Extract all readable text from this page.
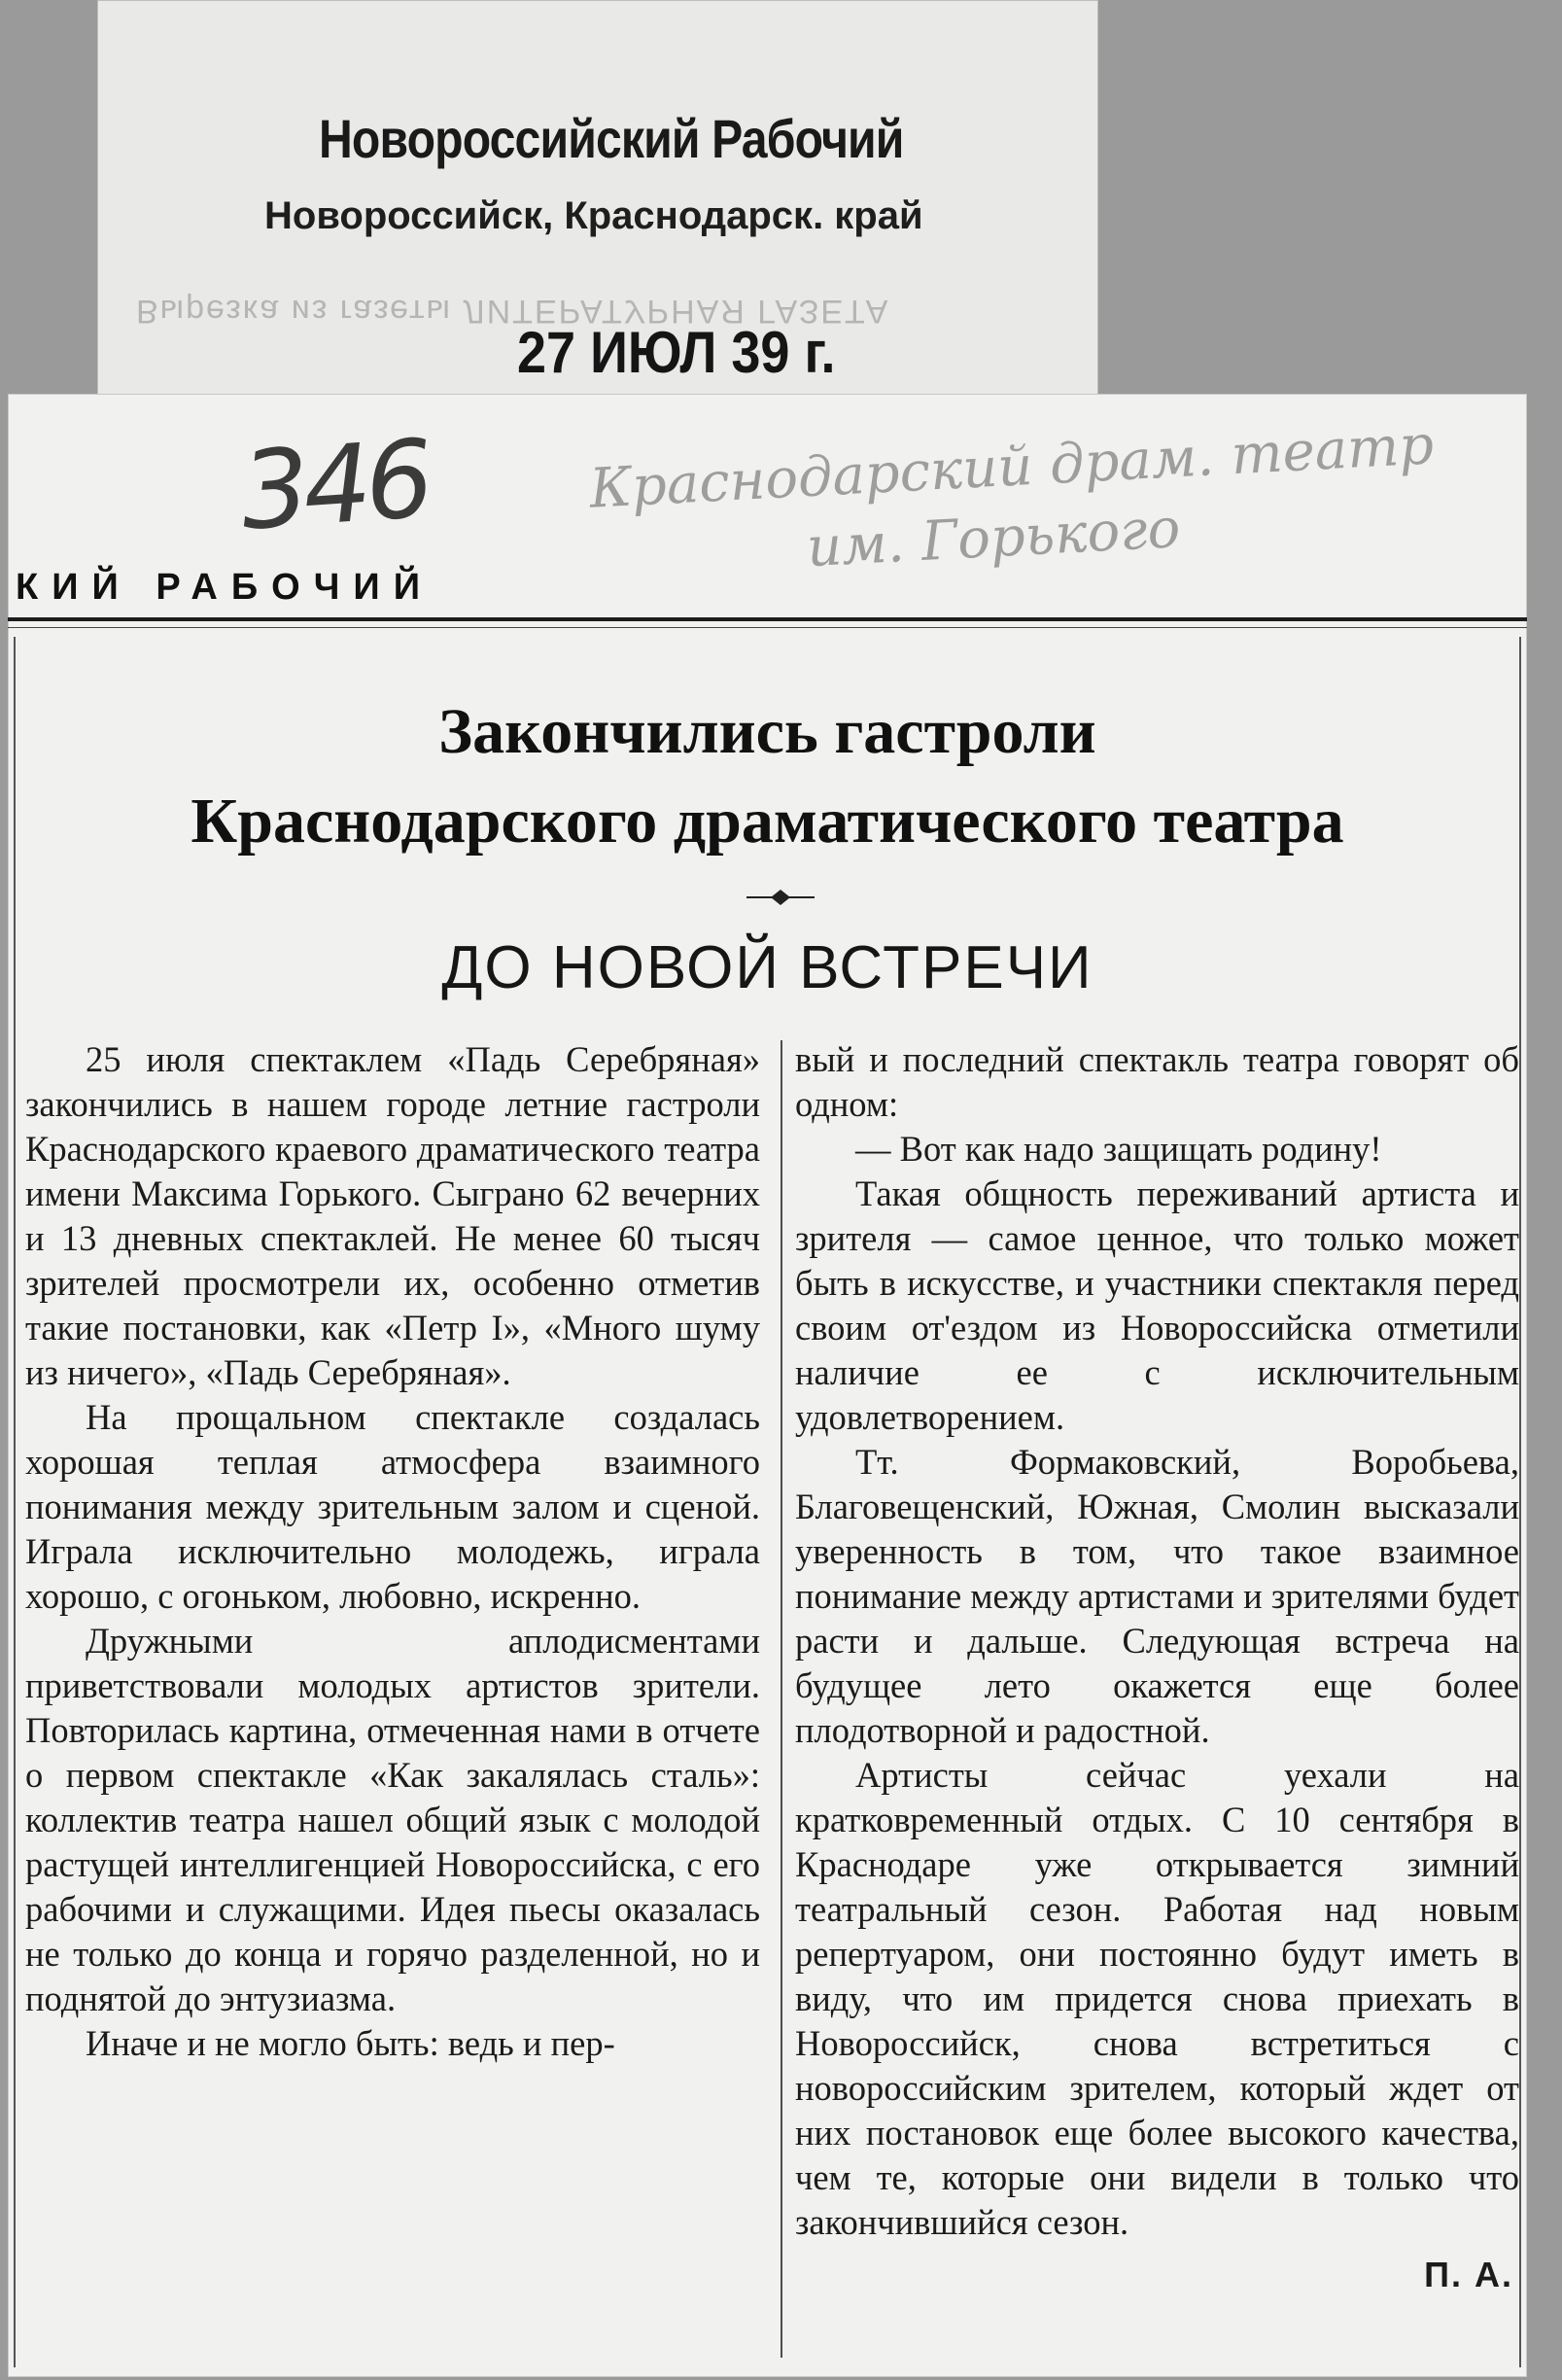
Новороссийский Рабочий
Новороссийск, Краснодарск. край
Вырезка из газеты ЛИТЕРАТУРНАЯ ГАЗЕТА
27 ИЮЛ 39 г.
346	Краснодарский драм. театр
им. Горького
КИЙ РАБОЧИЙ
Закончились гастроли
Краснодарского драматического театра
ДО НОВОЙ ВСТРЕЧИ

25 июля спектаклем «Падь Серебряная» закончились в нашем городе летние гастроли Краснодарского краевого драматического театра имени Максима Горького. Сыграно 62 вечерних и 13 дневных спектаклей. Не менее 60 тысяч зрителей просмотрели их, особенно отметив такие постановки, как «Петр I», «Много шуму из ничего», «Падь Серебряная».

На прощальном спектакле создалась хорошая теплая атмосфера взаимного понимания между зрительным залом и сценой. Играла исключительно молодежь, играла хорошо, с огоньком, любовно, искренно.

Дружными аплодисментами приветствовали молодых артистов зрители. Повторилась картина, отмеченная нами в отчете о первом спектакле «Как закалялась сталь»: коллектив театра нашел общий язык с молодой растущей интеллигенцией Новороссийска, с его рабочими и служащими. Идея пьесы оказалась не только до конца и горячо разделенной, но и поднятой до энтузиазма.

Иначе и не могло быть: ведь и пер-

вый и последний спектакль театра говорят об одном:

— Вот как надо защищать родину!

Такая общность переживаний артиста и зрителя — самое ценное, что только может быть в искусстве, и участники спектакля перед своим от'ездом из Новороссийска отметили наличие ее с исключительным удовлетворением.

Тт. Формаковский, Воробьева, Благовещенский, Южная, Смолин высказали уверенность в том, что такое взаимное понимание между артистами и зрителями будет расти и дальше. Следующая встреча на будущее лето окажется еще более плодотворной и радостной.

Артисты сейчас уехали на кратковременный отдых. С 10 сентября в Краснодаре уже открывается зимний театральный сезон. Работая над новым репертуаром, они постоянно будут иметь в виду, что им придется снова приехать в Новороссийск, снова встретиться с новороссийским зрителем, который ждет от них постановок еще более высокого качества, чем те, которые они видели в только что закончившийся сезон.

П. А.
